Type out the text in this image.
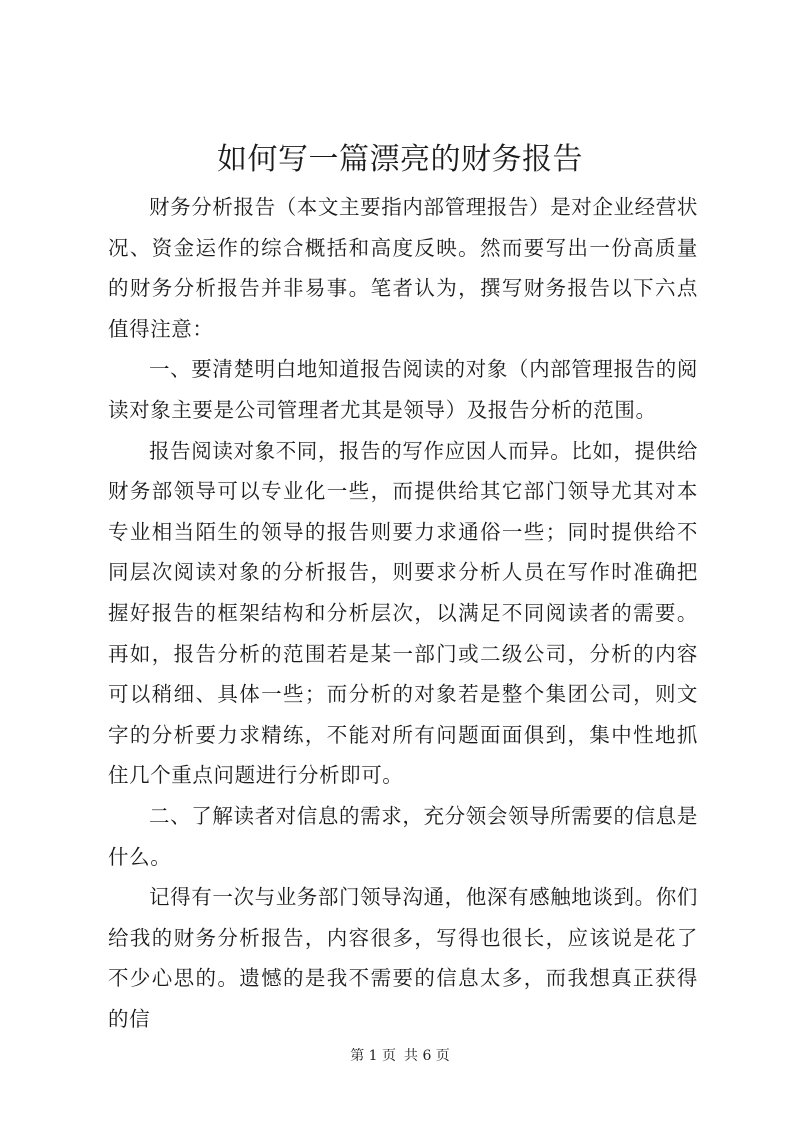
如何写一篇漂亮的财务报告

财务分析报告（本文主要指内部管理报告）是对企业经营状况、资金运作的综合概括和高度反映。然而要写出一份高质量的财务分析报告并非易事。笔者认为，撰写财务报告以下六点值得注意：

一、要清楚明白地知道报告阅读的对象（内部管理报告的阅读对象主要是公司管理者尤其是领导）及报告分析的范围。

报告阅读对象不同，报告的写作应因人而异。比如，提供给财务部领导可以专业化一些，而提供给其它部门领导尤其对本专业相当陌生的领导的报告则要力求通俗一些；同时提供给不同层次阅读对象的分析报告，则要求分析人员在写作时准确把握好报告的框架结构和分析层次，以满足不同阅读者的需要。再如，报告分析的范围若是某一部门或二级公司，分析的内容可以稍细、具体一些；而分析的对象若是整个集团公司，则文字的分析要力求精练，不能对所有问题面面俱到，集中性地抓住几个重点问题进行分析即可。

二、了解读者对信息的需求，充分领会领导所需要的信息是什么。

记得有一次与业务部门领导沟通，他深有感触地谈到。你们给我的财务分析报告，内容很多，写得也很长，应该说是花了不少心思的。遗憾的是我不需要的信息太多，而我想真正获得的信

第 1 页 共 6 页
